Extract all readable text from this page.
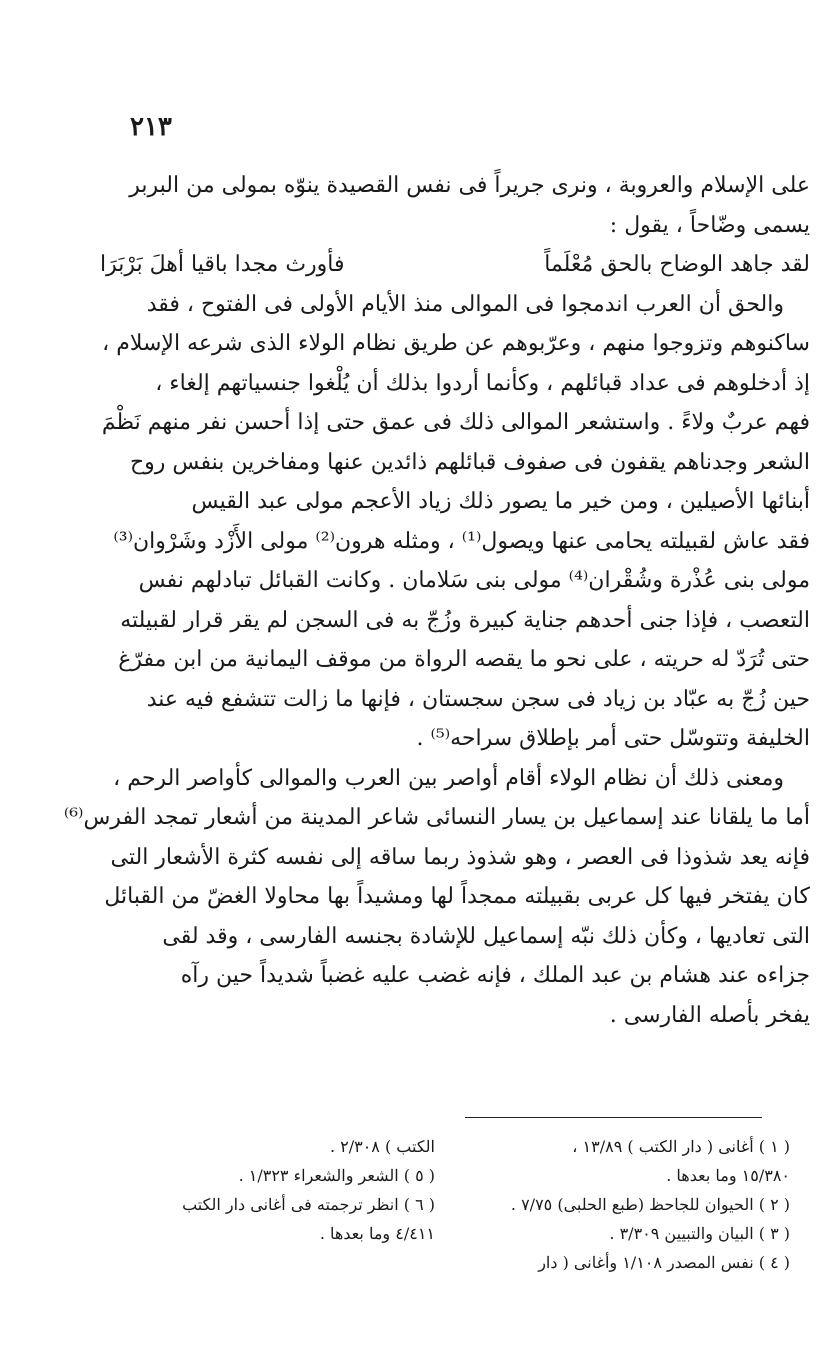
٢١٣
على الإسلام والعروبة ، ونرى جريراً فى نفس القصيدة ينوّه بمولى من البربر
يسمى وضّاحاً ، يقول :
لقد جاهد الوضاح بالحق مُعْلَماً
فأورث مجدا باقيا أهلَ بَرْبَرَا
والحق أن العرب اندمجوا فى الموالى منذ الأيام الأولى فى الفتوح ، فقد
ساكنوهم وتزوجوا منهم ، وعرّبوهم عن طريق نظام الولاء الذى شرعه الإسلام ،
إذ أدخلوهم فى عداد قبائلهم ، وكأنما أردوا بذلك أن يُلْغوا جنسياتهم إلغاء ،
فهم عربٌ ولاءً . واستشعر الموالى ذلك فى عمق حتى إذا أحسن نفر منهم نَظْمَ
الشعر وجدناهم يقفون فى صفوف قبائلهم ذائدين عنها ومفاخرين بنفس روح
أبنائها الأصيلين ، ومن خير ما يصور ذلك زياد الأعجم مولى عبد القيس
فقد عاش لقبيلته يحامى عنها ويصول⁽¹⁾ ، ومثله هرون⁽²⁾ مولى الأَزْد وشَرْوان⁽³⁾
مولى بنى عُذْرة وشُقْران⁽⁴⁾ مولى بنى سَلامان . وكانت القبائل تبادلهم نفس
التعصب ، فإذا جنى أحدهم جناية كبيرة وزُجّ به فى السجن لم يقر قرار لقبيلته
حتى تُرَدّ له حريته ، على نحو ما يقصه الرواة من موقف اليمانية من ابن مفرّغ
حين زُجّ به عبّاد بن زياد فى سجن سجستان ، فإنها ما زالت تتشفع فيه عند
الخليفة وتتوسّل حتى أمر بإطلاق سراحه⁽⁵⁾ .
ومعنى ذلك أن نظام الولاء أقام أواصر بين العرب والموالى كأواصر الرحم ،
أما ما يلقانا عند إسماعيل بن يسار النسائى شاعر المدينة من أشعار تمجد الفرس⁽⁶⁾
فإنه يعد شذوذا فى العصر ، وهو شذوذ ربما ساقه إلى نفسه كثرة الأشعار التى
كان يفتخر فيها كل عربى بقبيلته ممجداً لها ومشيداً بها محاولا الغضّ من القبائل
التى تعاديها ، وكأن ذلك نبّه إسماعيل للإشادة بجنسه الفارسى ، وقد لقى
جزاءه عند هشام بن عبد الملك ، فإنه غضب عليه غضباً شديداً حين رآه
يفخر بأصله الفارسى .
( ١ ) أغانى ( دار الكتب ) ١٣/٨٩ ،
١٥/٣٨٠ وما بعدها .
( ٢ ) الحيوان للجاحظ (طبع الحلبى) ٧/٧٥ .
( ٣ ) البيان والتبيين ٣/٣٠٩ .
( ٤ ) نفس المصدر ١/١٠٨ وأغانى ( دار
الكتب ) ٢/٣٠٨ .
( ٥ ) الشعر والشعراء ١/٣٢٣ .
( ٦ ) انظر ترجمته فى أغانى دار الكتب
٤/٤١١ وما بعدها .
